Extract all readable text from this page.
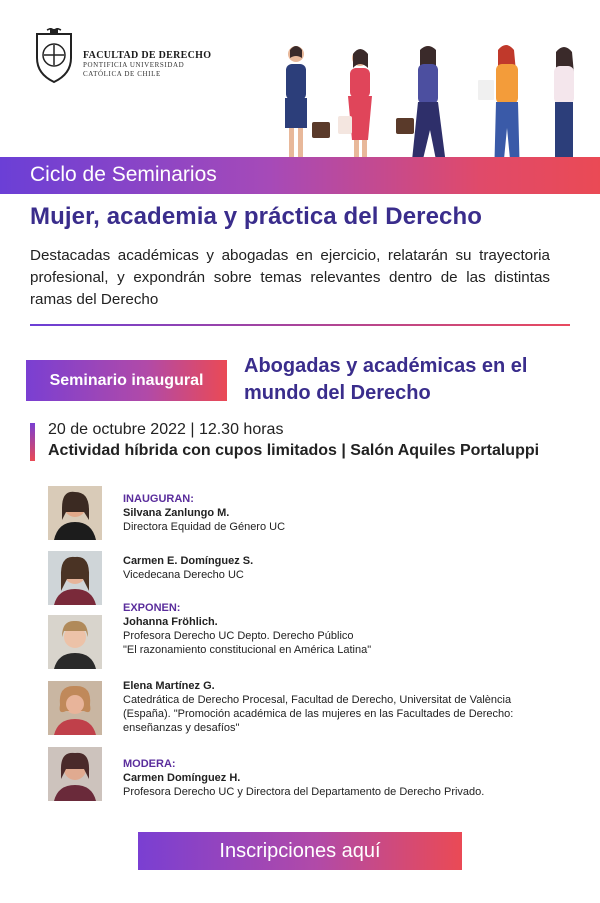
FACULTAD DE DERECHO
PONTIFICIA UNIVERSIDAD
CATÓLICA DE CHILE
Ciclo de Seminarios
Mujer, academia y práctica del Derecho
Destacadas académicas y abogadas en ejercicio, relatarán su trayectoria profesional, y expondrán sobre temas relevantes dentro de las distintas ramas del Derecho
Seminario inaugural
Abogadas y académicas en el
mundo del Derecho
20 de octubre 2022 | 12.30 horas
Actividad híbrida con cupos limitados | Salón Aquiles Portaluppi
INAUGURAN:
Silvana Zanlungo M.
Directora Equidad de Género UC
Carmen E. Domínguez S.
Vicedecana Derecho UC
EXPONEN:
Johanna Fröhlich.
Profesora Derecho UC Depto. Derecho Público
"El razonamiento constitucional en América Latina"
Elena Martínez G.
Catedrática de Derecho Procesal, Facultad de Derecho, Universitat de València
(España). "Promoción académica de las mujeres en las Facultades de Derecho:
enseñanzas y desafíos"
MODERA:
Carmen Domínguez H.
Profesora Derecho UC y Directora del Departamento de Derecho Privado.
Inscripciones aquí
